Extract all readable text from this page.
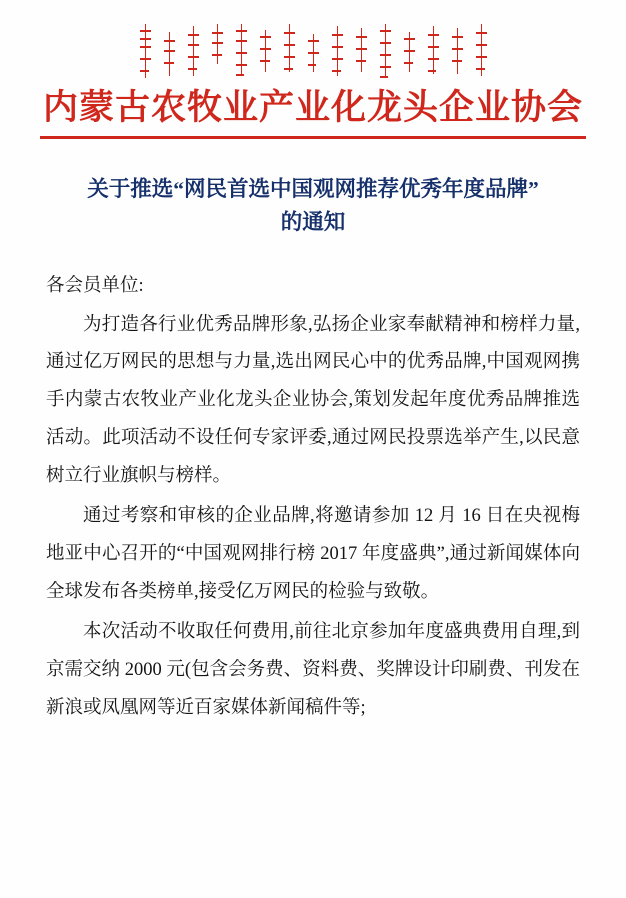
内蒙古农牧业产业化龙头企业协会
关于推选“网民首选中国观网推荐优秀年度品牌”
的通知
各会员单位:

为打造各行业优秀品牌形象,弘扬企业家奉献精神和榜样力量,通过亿万网民的思想与力量,选出网民心中的优秀品牌,中国观网携手内蒙古农牧业产业化龙头企业协会,策划发起年度优秀品牌推选活动。此项活动不设任何专家评委,通过网民投票选举产生,以民意树立行业旗帜与榜样。

通过考察和审核的企业品牌,将邀请参加 12 月 16 日在央视梅地亚中心召开的“中国观网排行榜 2017 年度盛典”,通过新闻媒体向全球发布各类榜单,接受亿万网民的检验与致敬。

本次活动不收取任何费用,前往北京参加年度盛典费用自理,到京需交纳 2000 元(包含会务费、资料费、奖牌设计印刷费、刊发在新浪或凤凰网等近百家媒体新闻稿件等;
